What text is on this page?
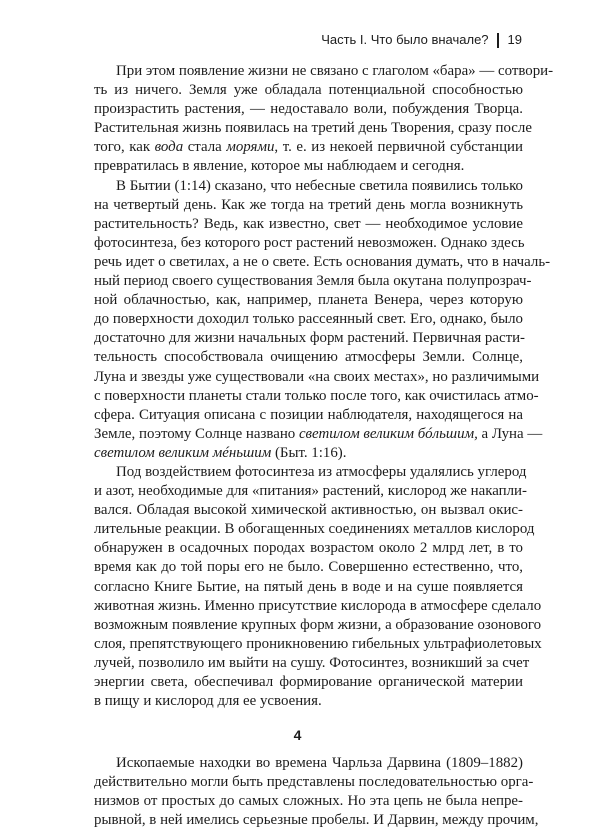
Часть I. Что было вначале? 19

При этом появление жизни не связано с глаголом «бара» — сотвори-
ть из ничего. Земля уже обладала потенциальной способностью
произрастить растения, — недоставало воли, побуждения Творца.
Растительная жизнь появилась на третий день Творения, сразу после
того, как вода стала морями, т. е. из некоей первичной субстанции
превратилась в явление, которое мы наблюдаем и сегодня.

В Бытии (1:14) сказано, что небесные светила появились только
на четвертый день. Как же тогда на третий день могла возникнуть
растительность? Ведь, как известно, свет — необходимое условие
фотосинтеза, без которого рост растений невозможен. Однако здесь
речь идет о светилах, а не о свете. Есть основания думать, что в началь-
ный период своего существования Земля была окутана полупрозрач-
ной облачностью, как, например, планета Венера, через которую
до поверхности доходил только рассеянный свет. Его, однако, было
достаточно для жизни начальных форм растений. Первичная расти-
тельность способствовала очищению атмосферы Земли. Солнце,
Луна и звезды уже существовали «на своих местах», но различимыми
с поверхности планеты стали только после того, как очистилась атмо-
сфера. Ситуация описана с позиции наблюдателя, находящегося на
Земле, поэтому Солнце названо светилом великим бóльшим, а Луна —
светилом великим мéньшим (Быт. 1:16).

Под воздействием фотосинтеза из атмосферы удалялись углерод
и азот, необходимые для «питания» растений, кислород же накапли-
вался. Обладая высокой химической активностью, он вызвал окис-
лительные реакции. В обогащенных соединениях металлов кислород
обнаружен в осадочных породах возрастом около 2 млрд лет, в то
время как до той поры его не было. Совершенно естественно, что,
согласно Книге Бытие, на пятый день в воде и на суше появляется
животная жизнь. Именно присутствие кислорода в атмосфере сделало
возможным появление крупных форм жизни, а образование озонового
слоя, препятствующего проникновению гибельных ультрафиолетовых
лучей, позволило им выйти на сушу. Фотосинтез, возникший за счет
энергии света, обеспечивал формирование органической материи
в пищу и кислород для ее усвоения.

4

Ископаемые находки во времена Чарльза Дарвина (1809–1882)
действительно могли быть представлены последовательностью орга-
низмов от простых до самых сложных. Но эта цепь не была непре-
рывной, в ней имелись серьезные пробелы. И Дарвин, между прочим,
